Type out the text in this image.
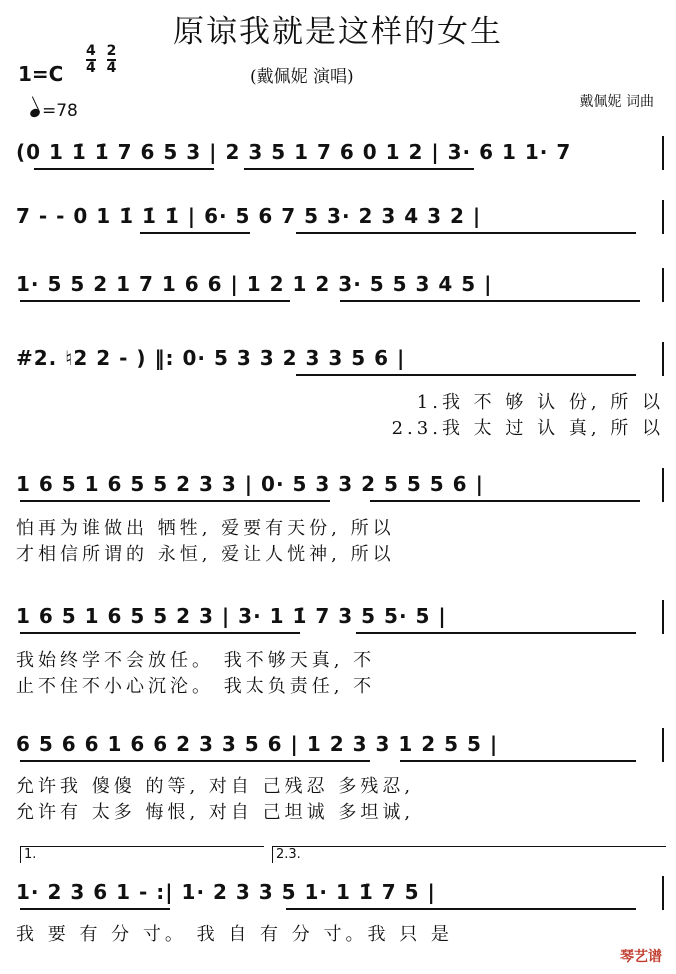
原谅我就是这样的女生
$1=C \frac{4}{4}$
$\frac{2}{4}$
(戴佩妮 演唱)
=78	戴佩妮 词曲
(0 1 1̇ 1̇ 7 6 5 3 | 2 3 5 1 7 6 0 1 2 | 3· 6 1 1· 7
7 - - 0 1 1̇ 1̇ 1̇ | 6· 5 6 7 5 3· 2 3 4 3 2 |
1· 5 5 2 1 7 1 6 6 | 1 2 1 2 3· 5 5 3 4 5 |
#2. ♮2 2 - ) ‖: 0· 5 3 3 2 3 3 5 6 |
1.我 不 够 认 份, 所 以
2.3.我 太 过 认 真, 所 以
1 6 5 1 6 5 5 2 3 3 | 0· 5 3 3 2 5 5 5 6 |
怕再为谁做出 牺牲, 爱要有天份, 所以
才相信所谓的 永恒, 爱让人恍神, 所以
1 6 5 1 6 5 5 2 3 | 3· 1 1̇ 7 3 5 5· 5 |
我始终学不会放任。 我不够天真, 不
止不住不小心沉沦。 我太负责任, 不
6 5 6 6 1 6 6 2 3 3 5 6 | 1 2 3 3 1 2 5 5 |
允许我 傻傻 的等, 对自 己残忍 多残忍,
允许有 太多 悔恨, 对自 己坦诚 多坦诚,
1.	2.3.
1· 2 3 6 1 - :| 1· 2 3 3 5 1· 1 1̇ 7 5 |
我 要 有 分 寸。 我 自 有 分 寸。我 只 是
琴艺谱
